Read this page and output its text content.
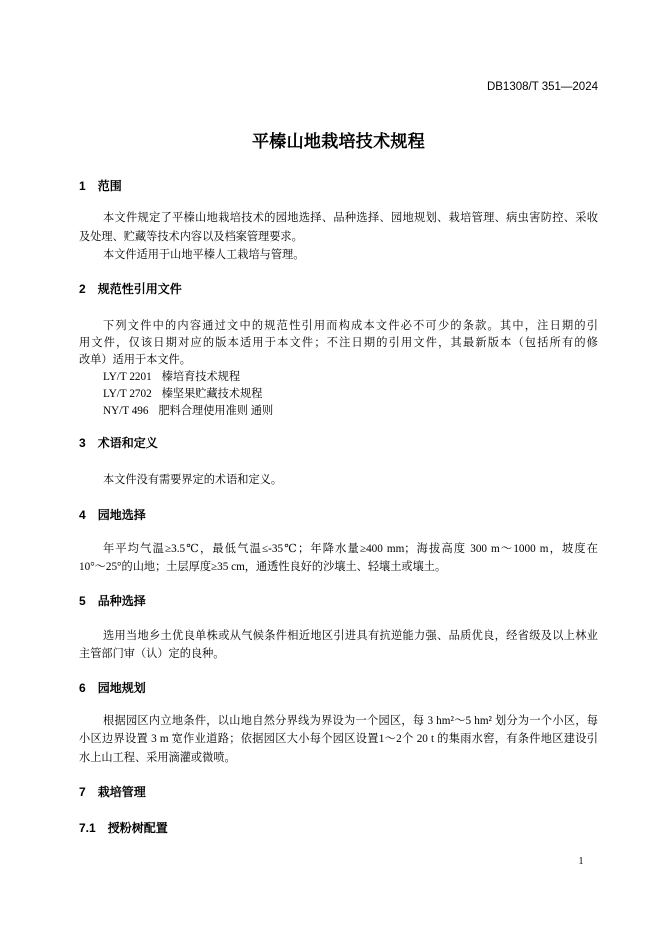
DB1308/T 351—2024
平榛山地栽培技术规程
1 范围
本文件规定了平榛山地栽培技术的园地选择、品种选择、园地规划、栽培管理、病虫害防控、采收
及处理、贮藏等技术内容以及档案管理要求。
本文件适用于山地平榛人工栽培与管理。
2 规范性引用文件
下列文件中的内容通过文中的规范性引用而构成本文件必不可少的条款。其中，注日期的引
用文件，仅该日期对应的版本适用于本文件；不注日期的引用文件，其最新版本（包括所有的修
改单）适用于本文件。
LY/T 2201 榛培育技术规程
LY/T 2702 榛坚果贮藏技术规程
NY/T 496 肥料合理使用准则 通则
3 术语和定义
本文件没有需要界定的术语和定义。
4 园地选择
年平均气温≥3.5℃，最低气温≤-35℃；年降水量≥400 mm；海拔高度 300 m～1000 m，坡度在
10°～25°的山地；土层厚度≥35 cm，通透性良好的沙壤土、轻壤土或壤土。
5 品种选择
选用当地乡土优良单株或从气候条件相近地区引进具有抗逆能力强、品质优良，经省级及以上林业
主管部门审（认）定的良种。
6 园地规划
根据园区内立地条件，以山地自然分界线为界设为一个园区，每 3 hm²～5 hm² 划分为一个小区，每
小区边界设置 3 m 宽作业道路；依据园区大小每个园区设置1～2个 20 t 的集雨水窖，有条件地区建设引
水上山工程、采用滴灌或微喷。
7 栽培管理
7.1 授粉树配置
1
